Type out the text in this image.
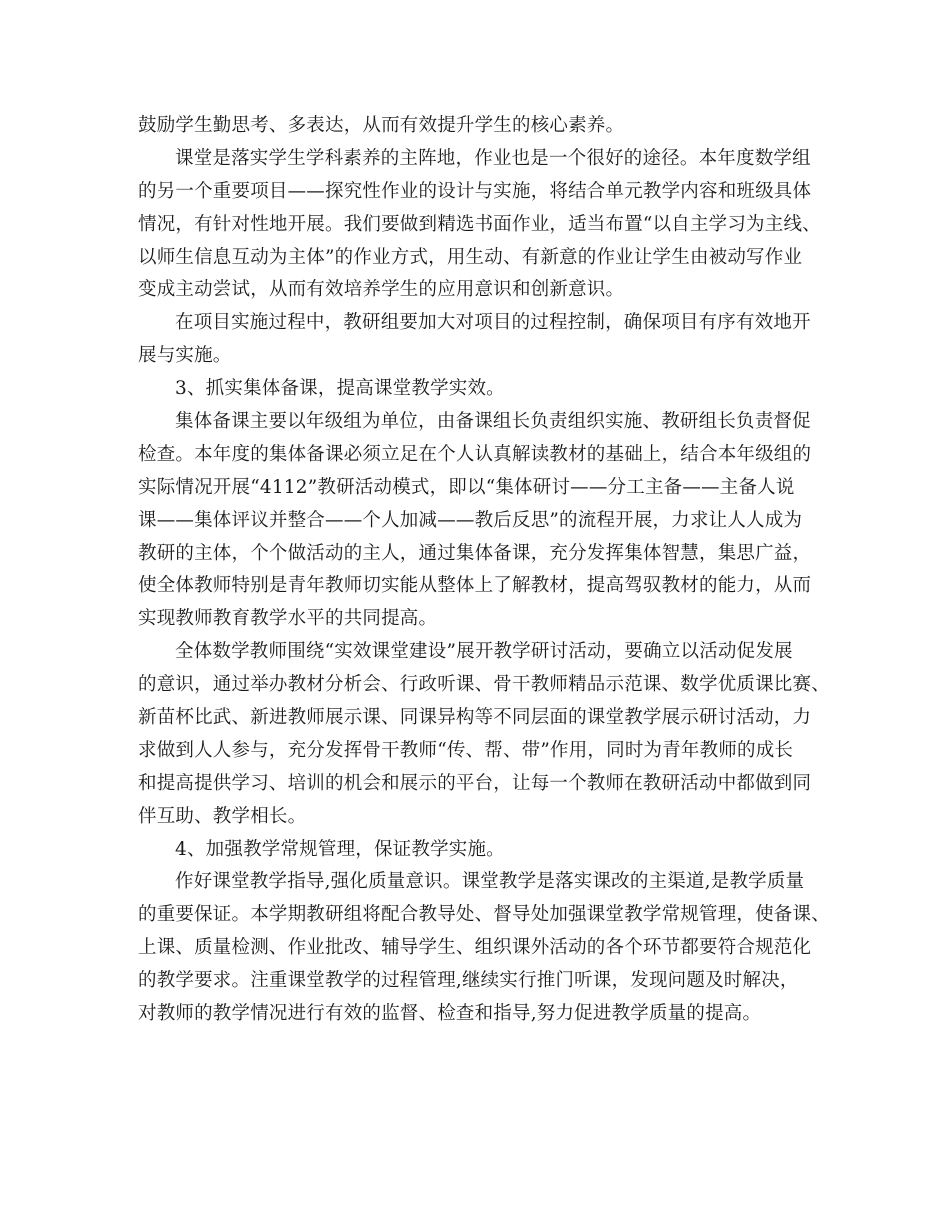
鼓励学生勤思考、多表达，从而有效提升学生的核心素养。
课堂是落实学生学科素养的主阵地，作业也是一个很好的途径。本年度数学组
的另一个重要项目——探究性作业的设计与实施，将结合单元教学内容和班级具体
情况，有针对性地开展。我们要做到精选书面作业，适当布置“以自主学习为主线、
以师生信息互动为主体”的作业方式，用生动、有新意的作业让学生由被动写作业
变成主动尝试，从而有效培养学生的应用意识和创新意识。
在项目实施过程中，教研组要加大对项目的过程控制，确保项目有序有效地开
展与实施。
3、抓实集体备课，提高课堂教学实效。
集体备课主要以年级组为单位，由备课组长负责组织实施、教研组长负责督促
检查。本年度的集体备课必须立足在个人认真解读教材的基础上，结合本年级组的
实际情况开展“4112”教研活动模式，即以“集体研讨——分工主备——主备人说
课——集体评议并整合——个人加减——教后反思”的流程开展，力求让人人成为
教研的主体，个个做活动的主人，通过集体备课，充分发挥集体智慧，集思广益，
使全体教师特别是青年教师切实能从整体上了解教材，提高驾驭教材的能力，从而
实现教师教育教学水平的共同提高。
全体数学教师围绕“实效课堂建设”展开教学研讨活动，要确立以活动促发展
的意识，通过举办教材分析会、行政听课、骨干教师精品示范课、数学优质课比赛、
新苗杯比武、新进教师展示课、同课异构等不同层面的课堂教学展示研讨活动，力
求做到人人参与，充分发挥骨干教师“传、帮、带”作用，同时为青年教师的成长
和提高提供学习、培训的机会和展示的平台，让每一个教师在教研活动中都做到同
伴互助、教学相长。
4、加强教学常规管理，保证教学实施。
作好课堂教学指导,强化质量意识。课堂教学是落实课改的主渠道,是教学质量
的重要保证。本学期教研组将配合教导处、督导处加强课堂教学常规管理，使备课、
上课、质量检测、作业批改、辅导学生、组织课外活动的各个环节都要符合规范化
的教学要求。注重课堂教学的过程管理,继续实行推门听课，发现问题及时解决，
对教师的教学情况进行有效的监督、检查和指导,努力促进教学质量的提高。
